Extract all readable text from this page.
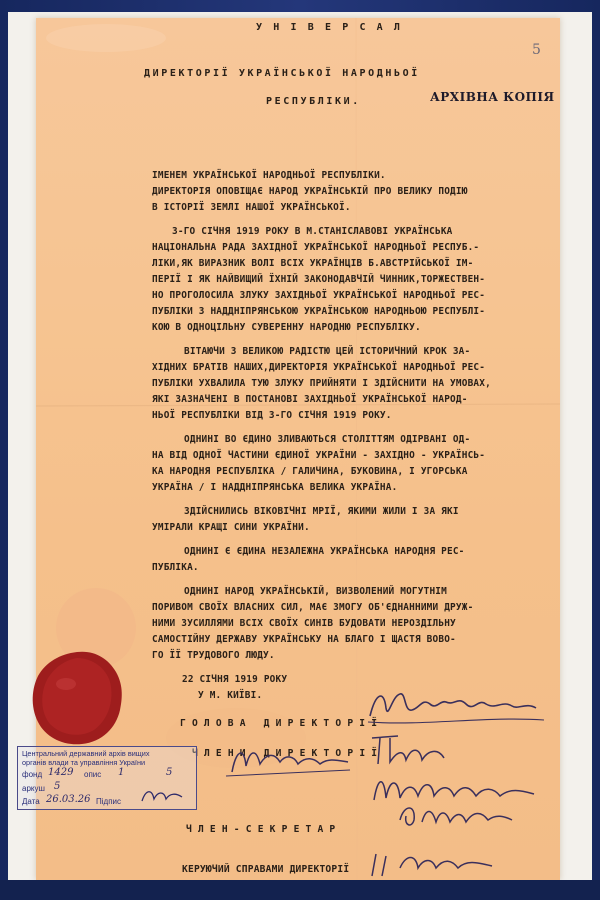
5
У Н І В Е Р С А Л
ДИРЕКТОРІЇ УКРАЇНСЬКОЇ НАРОДНЬОЇ
РЕСПУБЛІКИ.	АРХІВНА КОПІЯ
ІМЕНЕМ УКРАЇНСЬКОЇ НАРОДНЬОЇ РЕСПУБЛІКИ.
ДИРЕКТОРІЯ ОПОВІЩАЄ НАРОД УКРАЇНСЬКІЙ ПРО ВЕЛИКУ ПОДІЮ
В ІСТОРІЇ ЗЕМЛІ НАШОЇ УКРАЇНСЬКОЇ.
3-ГО СІЧНЯ 1919 РОКУ В М.СТАНІСЛАВОВІ УКРАЇНСЬКА
НАЦІОНАЛЬНА РАДА ЗАХІДНОЇ УКРАЇНСЬКОЇ НАРОДНЬОЇ РЕСПУБ.-
ЛІКИ,ЯК ВИРАЗНИК ВОЛІ ВСІХ УКРАЇНЦІВ Б.АВСТРІЙСЬКОЇ ІМ-
ПЕРІЇ І ЯК НАЙВИЩИЙ ЇХНІЙ ЗАКОНОДАВЧІЙ ЧИННИК,ТОРЖЕСТВЕН-
НО ПРОГОЛОСИЛА ЗЛУКУ ЗАХІДНЬОЇ УКРАЇНСЬКОЇ НАРОДНЬОЇ РЕС-
ПУБЛІКИ З НАДДНІПРЯНСЬКОЮ УКРАЇНСЬКОЮ НАРОДНЬОЮ РЕСПУБЛІ-
КОЮ В ОДНОЦІЛЬНУ СУВЕРЕННУ НАРОДНЮ РЕСПУБЛІКУ.
ВІТАЮЧИ З ВЕЛИКОЮ РАДІСТЮ ЦЕЙ ІСТОРИЧНИЙ КРОК ЗА-
ХІДНИХ БРАТІВ НАШИХ,ДИРЕКТОРІЯ УКРАЇНСЬКОЇ НАРОДНЬОЇ РЕС-
ПУБЛІКИ УХВАЛИЛА ТУЮ ЗЛУКУ ПРИЙНЯТИ І ЗДІЙСНИТИ НА УМОВАХ,
ЯКІ ЗАЗНАЧЕНІ В ПОСТАНОВІ ЗАХІДНЬОЇ УКРАЇНСЬКОЇ НАРОД-
НЬОЇ РЕСПУБЛІКИ ВІД 3-ГО СІЧНЯ 1919 РОКУ.
ОДНИНІ ВО ЄДИНО ЗЛИВАЮТЬСЯ СТОЛІТТЯМ ОДІРВАНІ ОД-
НА ВІД ОДНОЇ ЧАСТИНИ ЄДИНОЇ УКРАЇНИ - ЗАХІДНО - УКРАЇНСЬ-
КА НАРОДНЯ РЕСПУБЛІКА / ГАЛИЧИНА, БУКОВИНА, І УГОРСЬКА
УКРАЇНА / І НАДДНІПРЯНСЬКА ВЕЛИКА УКРАЇНА.
ЗДІЙСНИЛИСЬ ВІКОВІЧНІ МРІЇ, ЯКИМИ ЖИЛИ І ЗА ЯКІ
УМІРАЛИ КРАЩІ СИНИ УКРАЇНИ.
ОДНИНІ Є ЄДИНА НЕЗАЛЕЖНА УКРАЇНСЬКА НАРОДНЯ РЕС-
ПУБЛІКА.
ОДНИНІ НАРОД УКРАЇНСЬКІЙ, ВИЗВОЛЕНИЙ МОГУТНІМ
ПОРИВОМ СВОЇХ ВЛАСНИХ СИЛ, МАЄ ЗМОГУ ОБ'ЄДНАННИМИ ДРУЖ-
НИМИ ЗУСИЛЛЯМИ ВСІХ СВОЇХ СИНІВ БУДОВАТИ НЕРОЗДІЛЬНУ
САМОСТІЙНУ ДЕРЖАВУ УКРАЇНСЬКУ НА БЛАГО І ЩАСТЯ ВОВО-
ГО ЇЇ ТРУДОВОГО ЛЮДУ.
22 СІЧНЯ 1919 РОКУ
У М. КИЇВІ.
Г О Л О В А   Д И Р Е К Т О Р І Ї
Ч Л Е Н И   Д И Р Е К Т О Р І Ї
Ч Л Е Н - С Е К Р Е Т А Р
КЕРУЮЧИЙ СПРАВАМИ ДИРЕКТОРІЇ
Центральний державний архів вищих
органів влади та управління України
фонд 1429 опис 1	5
аркуш 5
Дата 26.03.26 Підпис
